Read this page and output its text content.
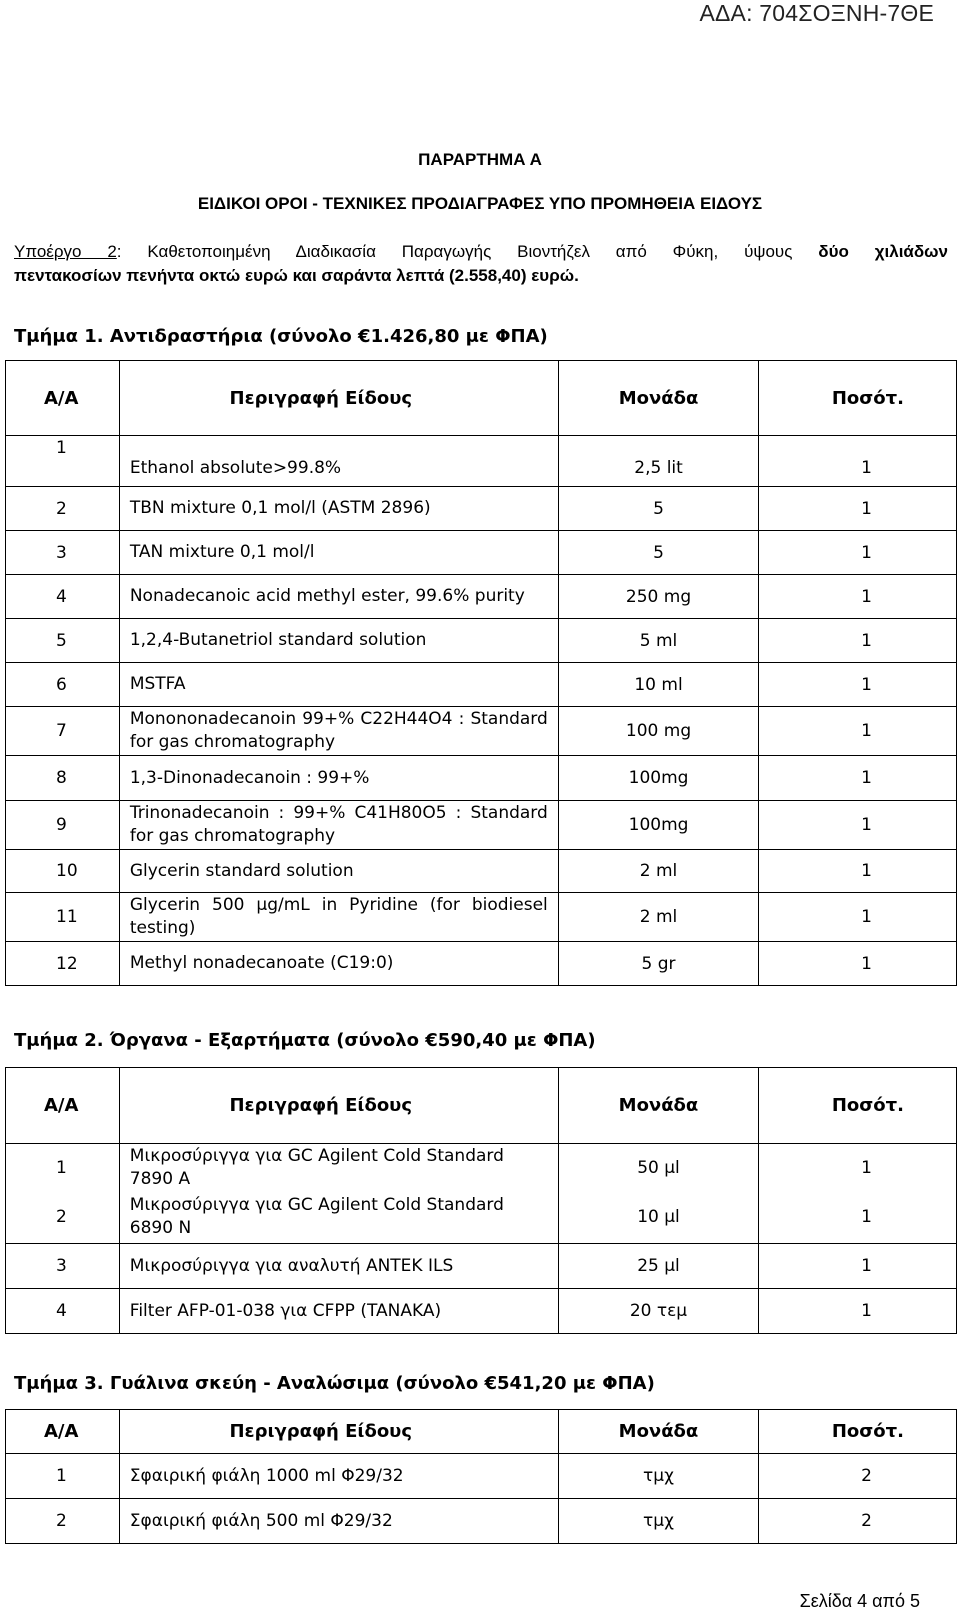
ΑΔΑ: 704ΣΟΞΝΗ-7ΘΕ
ΠΑΡΑΡΤΗΜΑ Α
ΕΙΔΙΚΟΙ ΟΡΟΙ - ΤΕΧΝΙΚΕΣ ΠΡΟΔΙΑΓΡΑΦΕΣ ΥΠΟ ΠΡΟΜΗΘΕΙΑ ΕΙΔΟΥΣ
Υποέργο 2: Καθετοποιημένη Διαδικασία Παραγωγής Βιοντήζελ από Φύκη, ύψους δύο χιλιάδων
πεντακοσίων πενήντα οκτώ ευρώ και σαράντα λεπτά (2.558,40) ευρώ.
Τμήμα 1. Αντιδραστήρια (σύνολο €1.426,80 με ΦΠΑ)
Α/Α	Περιγραφή Είδους	Μονάδα	Ποσότ.
1	Ethanol absolute>99.8%	2,5 lit	1
2	TBN mixture 0,1 mol/l (ASTM 2896)	5	1
3	TAN mixture 0,1 mol/l	5	1
4	Nonadecanoic acid methyl ester, 99.6% purity	250 mg	1
5	1,2,4-Butanetriol standard solution	5 ml	1
6	MSTFA	10 ml	1
7	Monononadecanoin 99+% C22H44O4 : Standard for gas chromatography	100 mg	1
8	1,3-Dinonadecanoin : 99+%	100mg	1
9	Trinonadecanoin : 99+% C41H80O5 : Standard for gas chromatography	100mg	1
10	Glycerin standard solution	2 ml	1
11	Glycerin 500 μg/mL in Pyridine (for biodiesel testing)	2 ml	1
12	Methyl nonadecanoate (C19:0)	5 gr	1
Τμήμα 2. Όργανα - Εξαρτήματα (σύνολο €590,40 με ΦΠΑ)
Α/Α	Περιγραφή Είδους	Μονάδα	Ποσότ.
1	Μικροσύριγγα για GC Agilent Cold Standard 7890 A	50 μl	1
2	Μικροσύριγγα για GC Agilent Cold Standard 6890 N	10 μl	1
3	Μικροσύριγγα για αναλυτή ANTEK ILS	25 μl	1
4	Filter AFP-01-038 για CFPP (TANAKA)	20 τεμ	1
Τμήμα 3. Γυάλινα σκεύη - Αναλώσιμα (σύνολο €541,20 με ΦΠΑ)
Α/Α	Περιγραφή Είδους	Μονάδα	Ποσότ.
1	Σφαιρική φιάλη 1000 ml Φ29/32	τμχ	2
2	Σφαιρική φιάλη 500 ml Φ29/32	τμχ	2
Σελίδα 4 από 5
